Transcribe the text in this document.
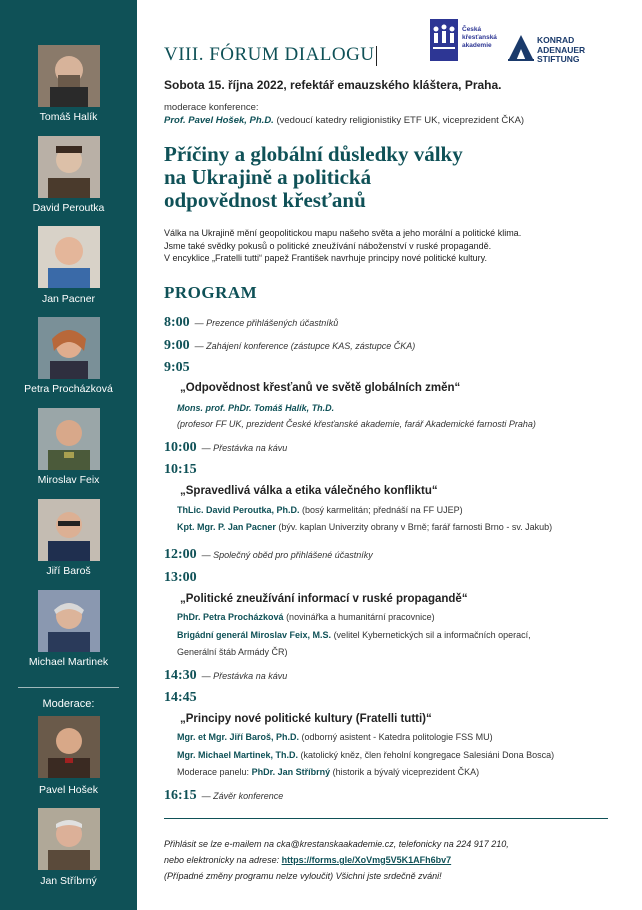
Tomáš Halík
David Peroutka
Jan Pacner
Petra Procházková
Miroslav Feix
Jiří Baroš
Michael Martinek
Moderace:
Pavel Hošek
Jan Stříbrný
VIII. FÓRUM DIALOGU
Česká
křesťanská
akademie
KONRAD
ADENAUER
STIFTUNG
Sobota 15. října 2022, refektář emauzského kláštera, Praha.
moderace konference:
Prof. Pavel Hošek, Ph.D. (vedoucí katedry religionistiky ETF UK, viceprezident ČKA)
Příčiny a globální důsledky války
na Ukrajině a politická
odpovědnost křesťanů
Válka na Ukrajině mění geopolitickou mapu našeho světa a jeho morální a politické klima.
Jsme také svědky pokusů o politické zneužívání náboženství v ruské propagandě.
V encyklice „Fratelli tutti“ papež František navrhuje principy nové politické kultury.
PROGRAM
8:00 — Prezence přihlášených účastníků
9:00 — Zahájení konference (zástupce KAS, zástupce ČKA)
9:05
„Odpovědnost křesťanů ve světě globálních změn“
Mons. prof. PhDr. Tomáš Halík, Th.D.
(profesor FF UK, prezident České křesťanské akademie, farář Akademické farnosti Praha)
10:00 — Přestávka na kávu
10:15
„Spravedlivá válka a etika válečného konfliktu“
ThLic. David Peroutka, Ph.D. (bosý karmelitán; přednáší na FF UJEP)
Kpt. Mgr. P. Jan Pacner (býv. kaplan Univerzity obrany v Brně; farář farnosti Brno - sv. Jakub)
12:00 — Společný oběd pro přihlášené účastníky
13:00
„Politické zneužívání informací v ruské propagandě“
PhDr. Petra Procházková (novinářka a humanitární pracovnice)
Brigádní generál Miroslav Feix, M.S. (velitel Kybernetických sil a informačních operací,
Generální štáb Armády ČR)
14:30 — Přestávka na kávu
14:45
„Principy nové politické kultury (Fratelli tutti)“
Mgr. et Mgr. Jiří Baroš, Ph.D. (odborný asistent - Katedra politologie FSS MU)
Mgr. Michael Martinek, Th.D. (katolický kněz, člen řeholní kongregace Salesiáni Dona Bosca)
Moderace panelu: PhDr. Jan Stříbrný (historik a bývalý viceprezident ČKA)
16:15 — Závěr konference
Přihlásit se lze e-mailem na cka@krestanskaakademie.cz, telefonicky na 224 917 210,
nebo elektronicky na adrese: https://forms.gle/XoVmg5V5K1AFh6bv7
(Případné změny programu nelze vyloučit) Všichni jste srdečně zváni!
